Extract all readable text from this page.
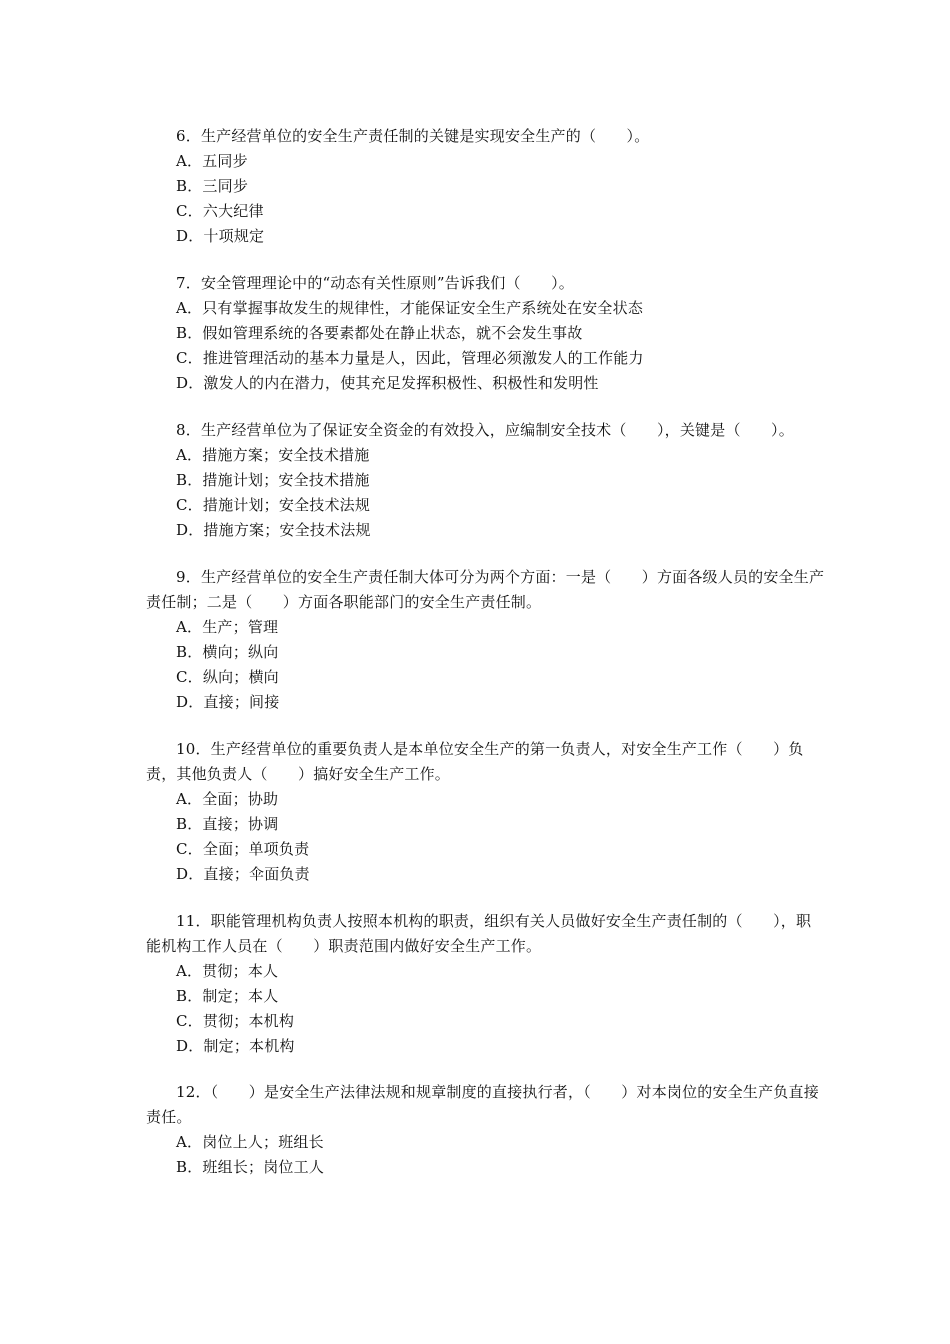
6．生产经营单位的安全生产责任制的关键是实现安全生产的（　　）。

A．五同步

B．三同步

C．六大纪律

D．十项规定

7．安全管理理论中的“动态有关性原则”告诉我们（　　）。

A．只有掌握事故发生的规律性，才能保证安全生产系统处在安全状态

B．假如管理系统的各要素都处在静止状态，就不会发生事故

C．推进管理活动的基本力量是人，因此，管理必须激发人的工作能力

D．激发人的内在潜力，使其充足发挥积极性、积极性和发明性

8．生产经营单位为了保证安全资金的有效投入，应编制安全技术（　　），关键是（　　）。

A．措施方案；安全技术措施

B．措施计划；安全技术措施

C．措施计划；安全技术法规

D．措施方案；安全技术法规

9．生产经营单位的安全生产责任制大体可分为两个方面：一是（　　）方面各级人员的安全生产责任制；二是（　　）方面各职能部门的安全生产责任制。

A．生产；管理

B．横向；纵向

C．纵向；横向

D．直接；间接

10．生产经营单位的重要负责人是本单位安全生产的第一负责人，对安全生产工作（　　）负责，其他负责人（　　）搞好安全生产工作。

A．全面；协助

B．直接；协调

C．全面；单项负责

D．直接；伞面负责

11．职能管理机构负责人按照本机构的职责，组织有关人员做好安全生产责任制的（　　），职能机构工作人员在（　　）职责范围内做好安全生产工作。

A．贯彻；本人

B．制定；本人

C．贯彻；本机构

D．制定；本机构

12．（　　）是安全生产法律法规和规章制度的直接执行者，（　　）对本岗位的安全生产负直接责任。

A．岗位上人；班组长

B．班组长；岗位工人
